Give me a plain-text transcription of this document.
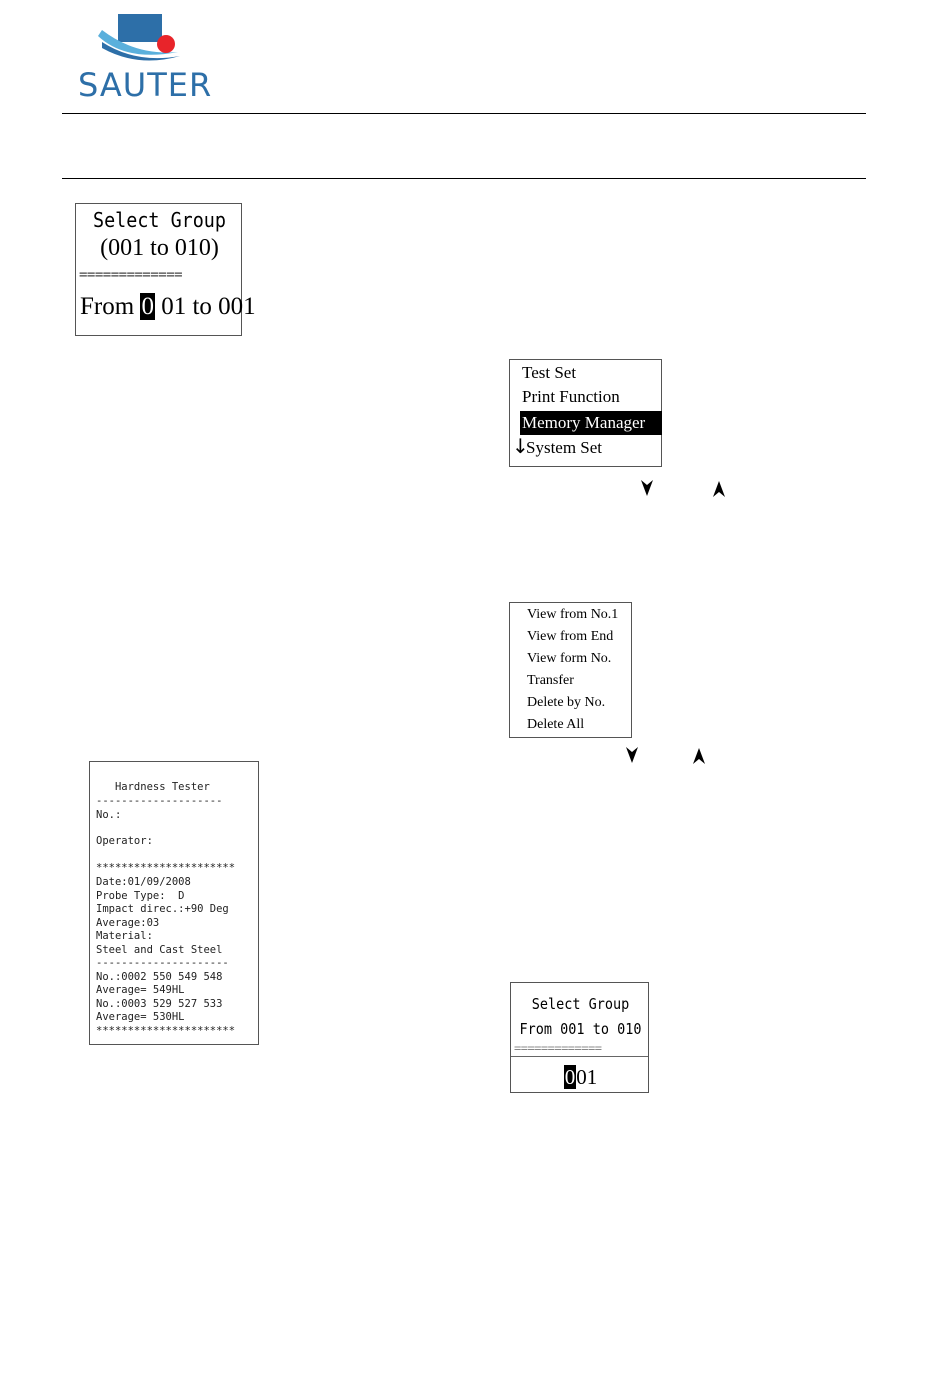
SAUTER
Select Group
(001 to 010)
=============
From 0 01 to 001
Test Set
Print Function
Memory Manager
↓
System Set
View from No.1
View from End
View form No.
Transfer
Delete by No.
Delete All
Hardness Tester
--------------------
No.:
Operator:
**********************
Date:01/09/2008
Probe Type:  D
Impact direc.:+90 Deg
Average:03
Material:
Steel and Cast Steel
---------------------
No.:0002 550 549 548
Average= 549HL
No.:0003 529 527 533
Average= 530HL
**********************
Select Group
From 001 to 010
=============
001
